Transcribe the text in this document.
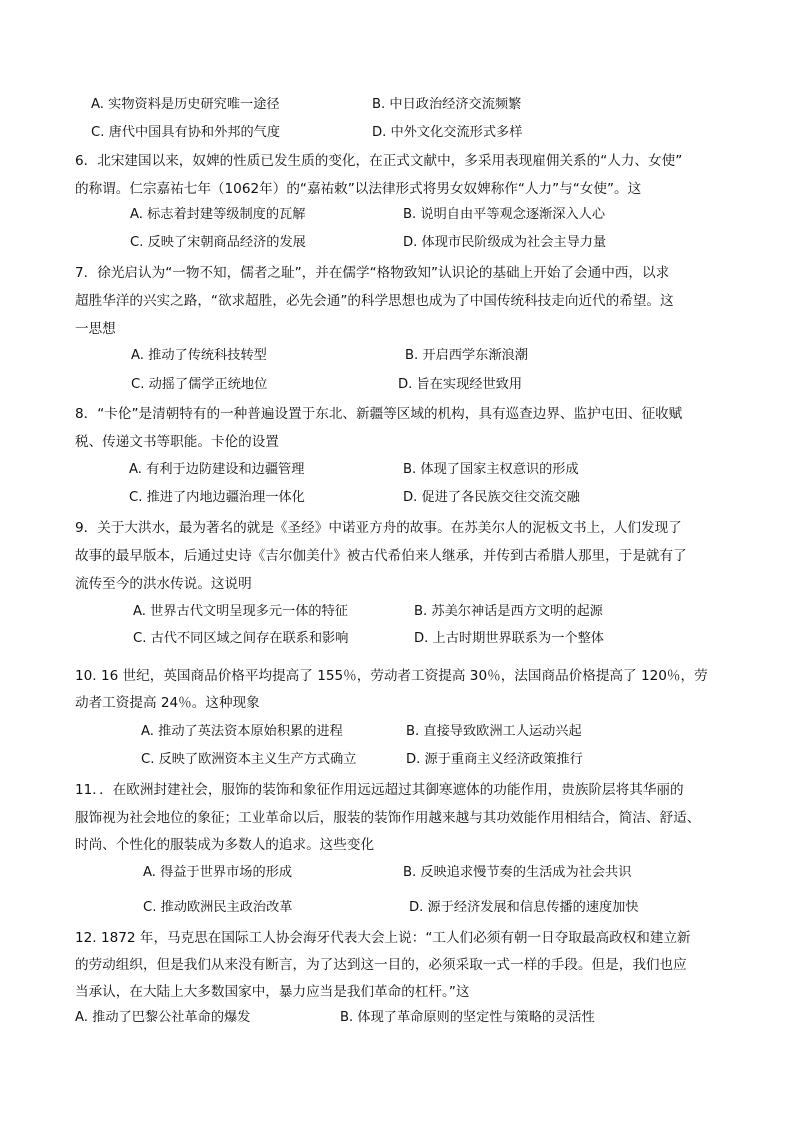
A. 实物资料是历史研究唯一途径	B. 中日政治经济交流频繁
C. 唐代中国具有协和外邦的气度	D. 中外文化交流形式多样
6．北宋建国以来，奴婢的性质已发生质的变化，在正式文献中，多采用表现雇佣关系的“人力、女使”
的称谓。仁宗嘉祐七年（1062年）的“嘉祐敕”以法律形式将男女奴婢称作“人力”与“女使”。这
A. 标志着封建等级制度的瓦解	B. 说明自由平等观念逐渐深入人心
C. 反映了宋朝商品经济的发展	D. 体现市民阶级成为社会主导力量
7．徐光启认为“一物不知，儒者之耻”，并在儒学“格物致知”认识论的基础上开始了会通中西，以求
超胜华洋的兴实之路，“欲求超胜，必先会通”的科学思想也成为了中国传统科技走向近代的希望。这
一思想
A. 推动了传统科技转型	B. 开启西学东渐浪潮
C. 动摇了儒学正统地位	D. 旨在实现经世致用
8．“卡伦”是清朝特有的一种普遍设置于东北、新疆等区域的机构，具有巡查边界、监护屯田、征收赋
税、传递文书等职能。卡伦的设置
A. 有利于边防建设和边疆管理	B. 体现了国家主权意识的形成
C. 推进了内地边疆治理一体化	D. 促进了各民族交往交流交融
9．关于大洪水，最为著名的就是《圣经》中诺亚方舟的故事。在苏美尔人的泥板文书上，人们发现了
故事的最早版本，后通过史诗《吉尔伽美什》被古代希伯来人继承，并传到古希腊人那里，于是就有了
流传至今的洪水传说。这说明
A. 世界古代文明呈现多元一体的特征	B. 苏美尔神话是西方文明的起源
C. 古代不同区域之间存在联系和影响	D. 上古时期世界联系为一个整体
10. 16 世纪，英国商品价格平均提高了 155％，劳动者工资提高 30％，法国商品价格提高了 120％，劳
动者工资提高 24％。这种现象
A. 推动了英法资本原始积累的进程	B. 直接导致欧洲工人运动兴起
C. 反映了欧洲资本主义生产方式确立	D. 源于重商主义经济政策推行
11．．在欧洲封建社会，服饰的装饰和象征作用远远超过其御寒遮体的功能作用，贵族阶层将其华丽的
服饰视为社会地位的象征；工业革命以后，服装的装饰作用越来越与其功效能作用相结合，简洁、舒适、
时尚、个性化的服装成为多数人的追求。这些变化
A. 得益于世界市场的形成	B. 反映追求慢节奏的生活成为社会共识
C. 推动欧洲民主政治改革	D. 源于经济发展和信息传播的速度加快
12. 1872 年，马克思在国际工人协会海牙代表大会上说：“工人们必须有朝一日夺取最高政权和建立新
的劳动组织，但是我们从来没有断言，为了达到这一目的，必须采取一式一样的手段。但是，我们也应
当承认，在大陆上大多数国家中，暴力应当是我们革命的杠杆。”这
A. 推动了巴黎公社革命的爆发	B. 体现了革命原则的坚定性与策略的灵活性
